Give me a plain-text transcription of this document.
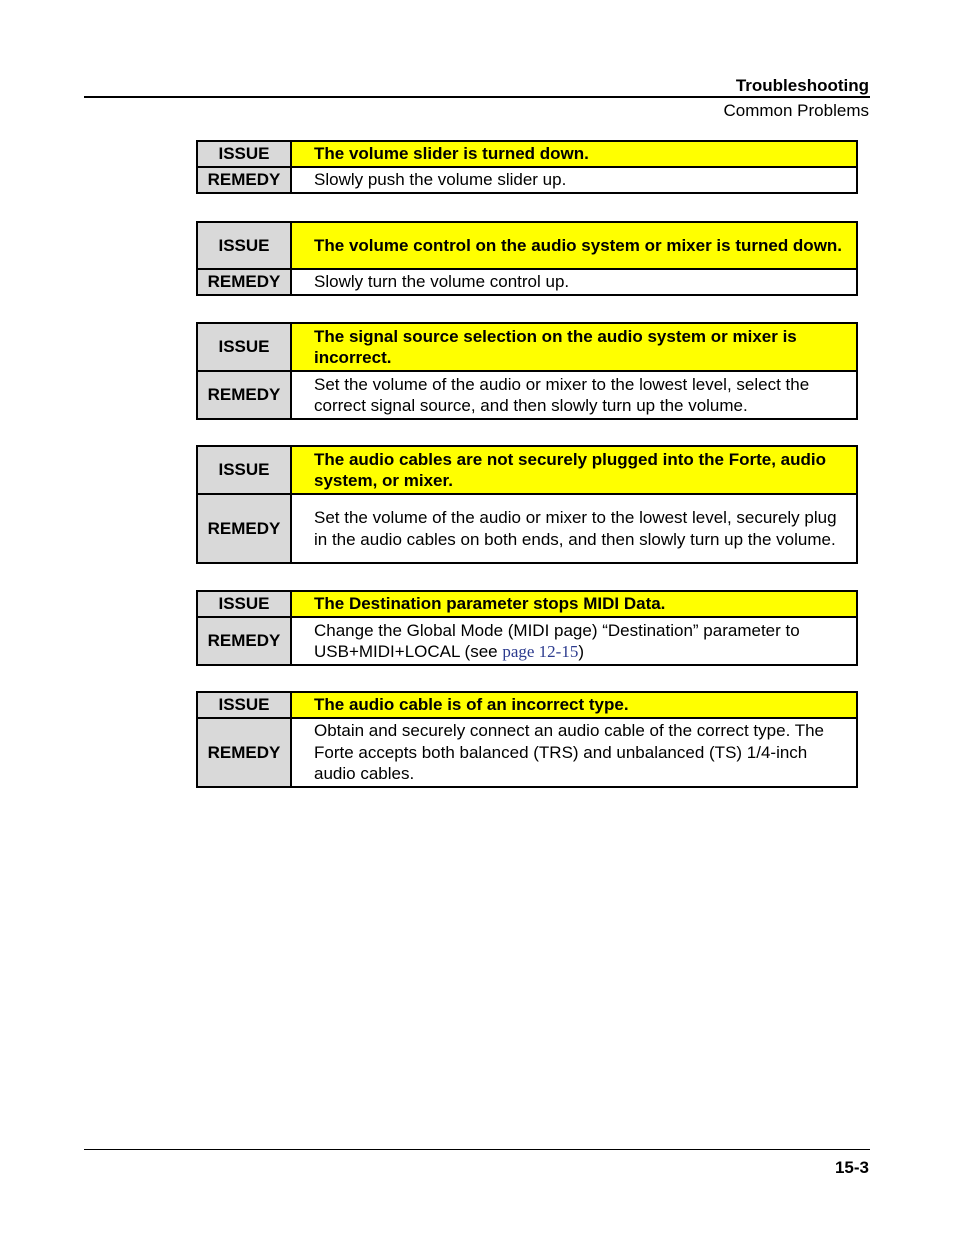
Troubleshooting
Common Problems
ISSUE	The volume slider is turned down.
REMEDY	Slowly push the volume slider up.
ISSUE	The volume control on the audio system or mixer is turned down.
REMEDY	Slowly turn the volume control up.
ISSUE	The signal source selection on the audio system or mixer is incorrect.
REMEDY	Set the volume of the audio or mixer to the lowest level, select the correct signal source, and then slowly turn up the volume.
ISSUE	The audio cables are not securely plugged into the Forte, audio system, or mixer.
REMEDY	Set the volume of the audio or mixer to the lowest level, securely plug in the audio cables on both ends, and then slowly turn up the volume.
ISSUE	The Destination parameter stops MIDI Data.
REMEDY	Change the Global Mode (MIDI page) “Destination” parameter to USB+MIDI+LOCAL (see page 12-15)
ISSUE	The audio cable is of an incorrect type.
REMEDY	Obtain and securely connect an audio cable of the correct type. The Forte accepts both balanced (TRS) and unbalanced (TS) 1/4-inch audio cables.
15-3
